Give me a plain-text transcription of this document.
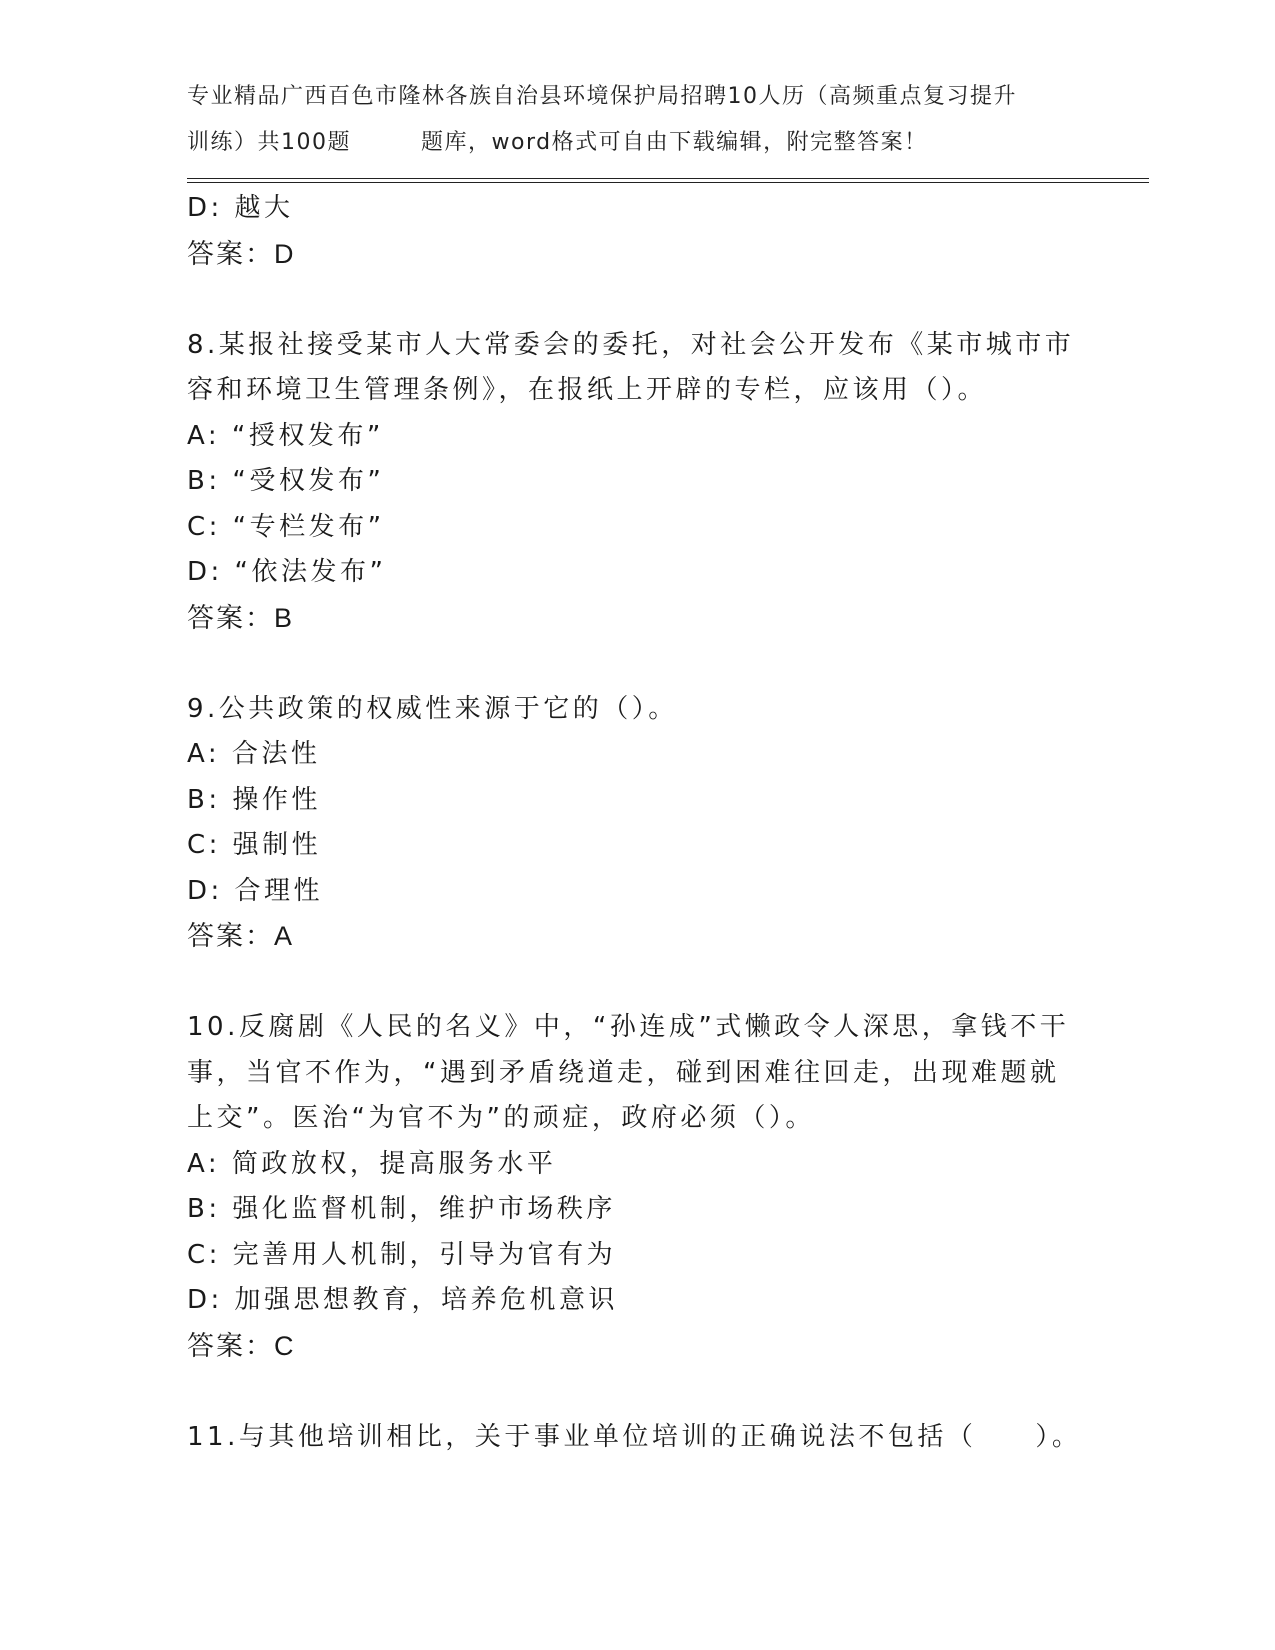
专业精品广西百色市隆林各族自治县环境保护局招聘10人历（高频重点复习提升
训练）共100题	题库，word格式可自由下载编辑，附完整答案！
D: 越大
答案：D
8.某报社接受某市人大常委会的委托，对社会公开发布《某市城市市
容和环境卫生管理条例》，在报纸上开辟的专栏，应该用（）。
A: “授权发布”
B: “受权发布”
C: “专栏发布”
D: “依法发布”
答案：B
9.公共政策的权威性来源于它的（）。
A: 合法性
B: 操作性
C: 强制性
D: 合理性
答案：A
10.反腐剧《人民的名义》中，“孙连成”式懒政令人深思，拿钱不干
事，当官不作为，“遇到矛盾绕道走，碰到困难往回走，出现难题就
上交”。医治“为官不为”的顽症，政府必须（）。
A: 简政放权，提高服务水平
B: 强化监督机制，维护市场秩序
C: 完善用人机制，引导为官有为
D: 加强思想教育，培养危机意识
答案：C
11.与其他培训相比，关于事业单位培训的正确说法不包括（　　）。
